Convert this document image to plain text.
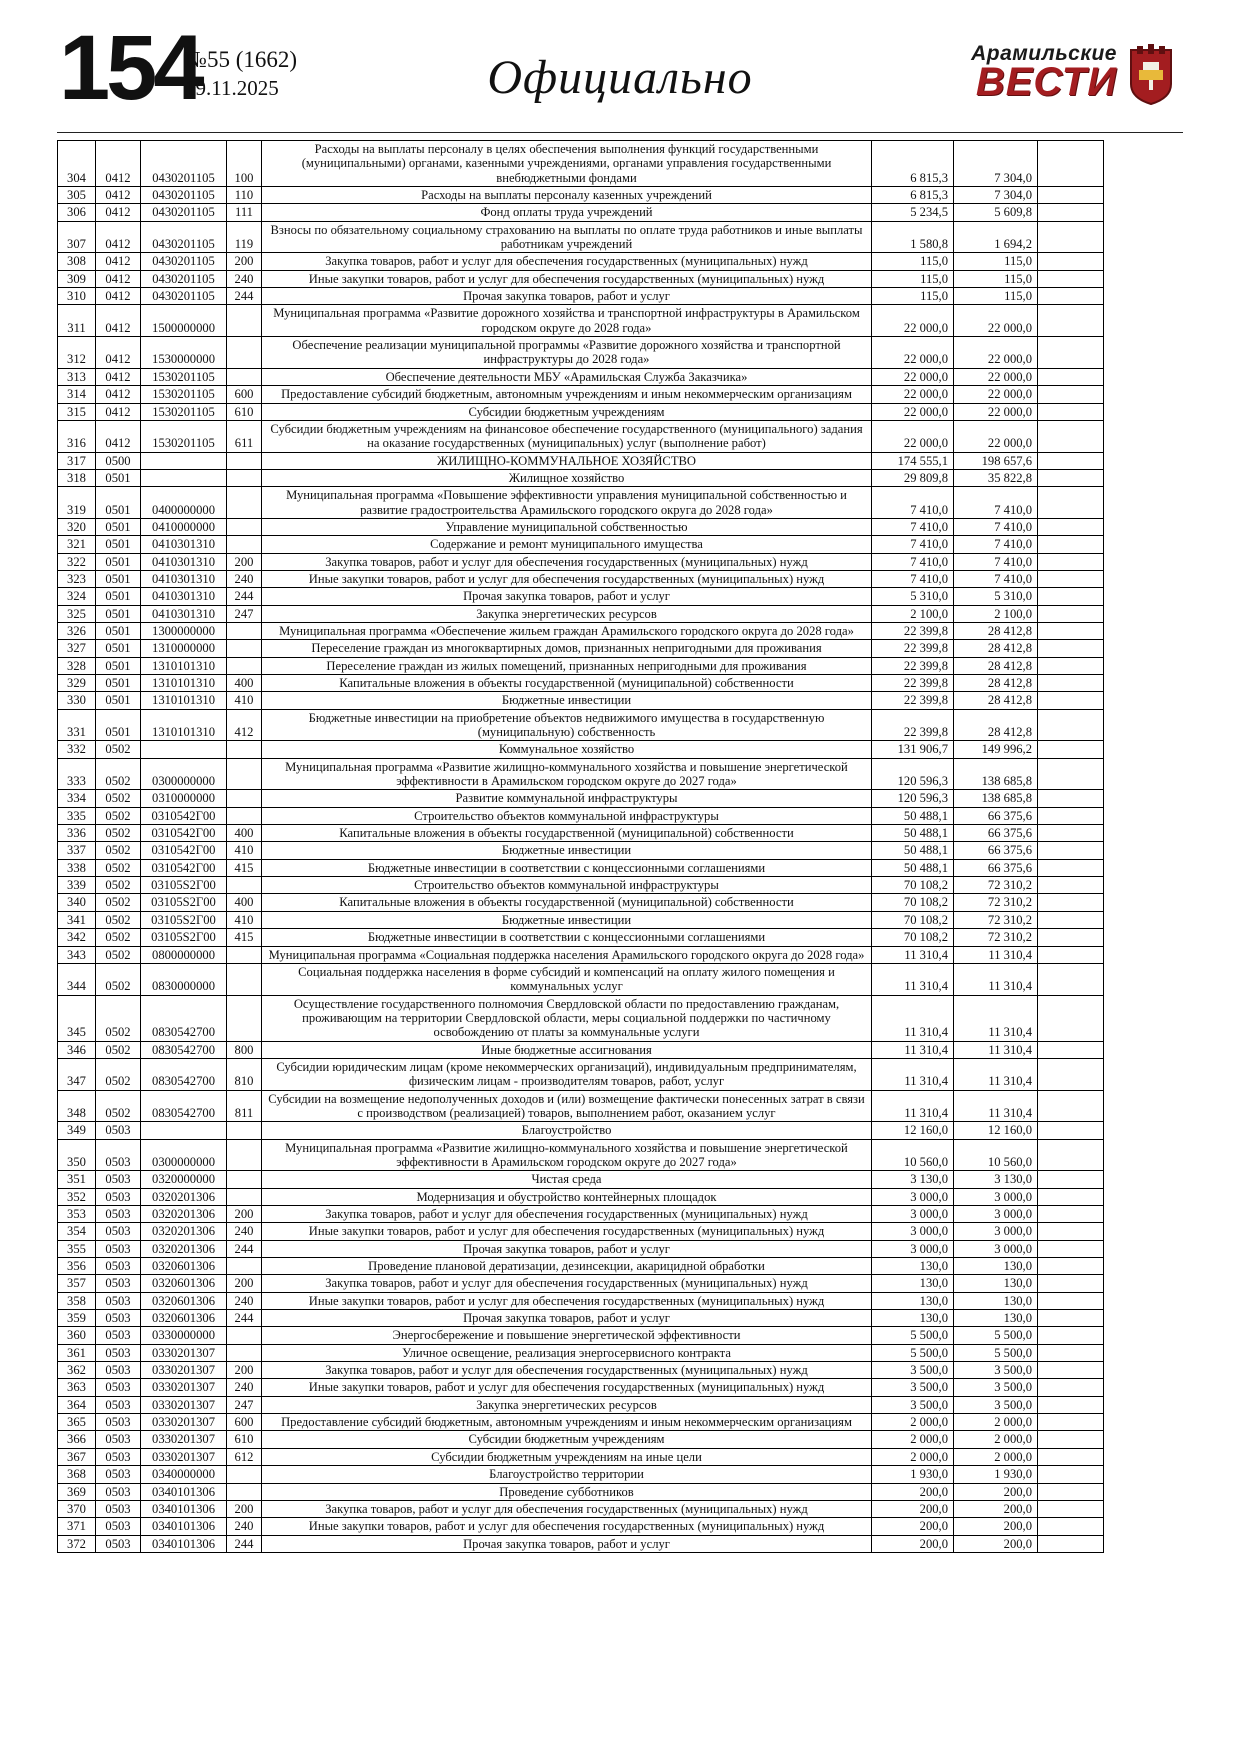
154
№55 (1662)
19.11.2025	Официально	Арамильские
ВЕСТИ
304	0412	0430201105	100	Расходы на выплаты персоналу в целях обеспечения выполнения функций государственными (муниципальными) органами, казенными учреждениями, органами управления государственными внебюджетными фондами	6 815,3	7 304,0	
305	0412	0430201105	110	Расходы на выплаты персоналу казенных учреждений	6 815,3	7 304,0	
306	0412	0430201105	111	Фонд оплаты труда учреждений	5 234,5	5 609,8	
307	0412	0430201105	119	Взносы по обязательному социальному страхованию на выплаты по оплате труда работников и иные выплаты работникам учреждений	1 580,8	1 694,2	
308	0412	0430201105	200	Закупка товаров, работ и услуг для обеспечения государственных (муниципальных) нужд	115,0	115,0	
309	0412	0430201105	240	Иные закупки товаров, работ и услуг для обеспечения государственных (муниципальных) нужд	115,0	115,0	
310	0412	0430201105	244	Прочая закупка товаров, работ и услуг	115,0	115,0	
311	0412	1500000000		Муниципальная программа «Развитие дорожного хозяйства и транспортной инфраструктуры в Арамильском городском округе до 2028 года»	22 000,0	22 000,0	
312	0412	1530000000		Обеспечение реализации муниципальной программы «Развитие дорожного хозяйства и транспортной инфраструктуры до 2028 года»	22 000,0	22 000,0	
313	0412	1530201105		Обеспечение деятельности МБУ «Арамильская Служба Заказчика»	22 000,0	22 000,0	
314	0412	1530201105	600	Предоставление субсидий бюджетным, автономным учреждениям и иным некоммерческим организациям	22 000,0	22 000,0	
315	0412	1530201105	610	Субсидии бюджетным учреждениям	22 000,0	22 000,0	
316	0412	1530201105	611	Субсидии бюджетным учреждениям на финансовое обеспечение государственного (муниципального) задания на оказание государственных (муниципальных) услуг (выполнение работ)	22 000,0	22 000,0	
317	0500			ЖИЛИЩНО-КОММУНАЛЬНОЕ ХОЗЯЙСТВО	174 555,1	198 657,6	
318	0501			Жилищное хозяйство	29 809,8	35 822,8	
319	0501	0400000000		Муниципальная программа «Повышение эффективности управления муниципальной собственностью и развитие градостроительства Арамильского городского округа до 2028 года»	7 410,0	7 410,0	
320	0501	0410000000		Управление муниципальной собственностью	7 410,0	7 410,0	
321	0501	0410301310		Содержание и ремонт муниципального имущества	7 410,0	7 410,0	
322	0501	0410301310	200	Закупка товаров, работ и услуг для обеспечения государственных (муниципальных) нужд	7 410,0	7 410,0	
323	0501	0410301310	240	Иные закупки товаров, работ и услуг для обеспечения государственных (муниципальных) нужд	7 410,0	7 410,0	
324	0501	0410301310	244	Прочая закупка товаров, работ и услуг	5 310,0	5 310,0	
325	0501	0410301310	247	Закупка энергетических ресурсов	2 100,0	2 100,0	
326	0501	1300000000		Муниципальная программа «Обеспечение жильем граждан Арамильского городского округа до 2028 года»	22 399,8	28 412,8	
327	0501	1310000000		Переселение граждан из многоквартирных домов, признанных непригодными для проживания	22 399,8	28 412,8	
328	0501	1310101310		Переселение граждан из жилых помещений, признанных непригодными для проживания	22 399,8	28 412,8	
329	0501	1310101310	400	Капитальные вложения в объекты государственной (муниципальной) собственности	22 399,8	28 412,8	
330	0501	1310101310	410	Бюджетные инвестиции	22 399,8	28 412,8	
331	0501	1310101310	412	Бюджетные инвестиции на приобретение объектов недвижимого имущества в государственную (муниципальную) собственность	22 399,8	28 412,8	
332	0502			Коммунальное хозяйство	131 906,7	149 996,2	
333	0502	0300000000		Муниципальная программа «Развитие жилищно-коммунального хозяйства и повышение энергетической эффективности в Арамильском городском округе до 2027 года»	120 596,3	138 685,8	
334	0502	0310000000		Развитие коммунальной инфраструктуры	120 596,3	138 685,8	
335	0502	0310542Г00		Строительство объектов коммунальной инфраструктуры	50 488,1	66 375,6	
336	0502	0310542Г00	400	Капитальные вложения в объекты государственной (муниципальной) собственности	50 488,1	66 375,6	
337	0502	0310542Г00	410	Бюджетные инвестиции	50 488,1	66 375,6	
338	0502	0310542Г00	415	Бюджетные инвестиции в соответствии с концессионными соглашениями	50 488,1	66 375,6	
339	0502	03105S2Г00		Строительство объектов коммунальной инфраструктуры	70 108,2	72 310,2	
340	0502	03105S2Г00	400	Капитальные вложения в объекты государственной (муниципальной) собственности	70 108,2	72 310,2	
341	0502	03105S2Г00	410	Бюджетные инвестиции	70 108,2	72 310,2	
342	0502	03105S2Г00	415	Бюджетные инвестиции в соответствии с концессионными соглашениями	70 108,2	72 310,2	
343	0502	0800000000		Муниципальная программа «Социальная поддержка населения Арамильского городского округа до 2028 года»	11 310,4	11 310,4	
344	0502	0830000000		Социальная поддержка населения в форме субсидий и компенсаций на оплату жилого помещения и коммунальных услуг	11 310,4	11 310,4	
345	0502	0830542700		Осуществление государственного полномочия Свердловской области по предоставлению гражданам, проживающим на территории Свердловской области, меры социальной поддержки по частичному освобождению от платы за коммунальные услуги	11 310,4	11 310,4	
346	0502	0830542700	800	Иные бюджетные ассигнования	11 310,4	11 310,4	
347	0502	0830542700	810	Субсидии юридическим лицам (кроме некоммерческих организаций), индивидуальным предпринимателям, физическим лицам - производителям товаров, работ, услуг	11 310,4	11 310,4	
348	0502	0830542700	811	Субсидии на возмещение недополученных доходов и (или) возмещение фактически понесенных затрат в связи с производством (реализацией) товаров, выполнением работ, оказанием услуг	11 310,4	11 310,4	
349	0503			Благоустройство	12 160,0	12 160,0	
350	0503	0300000000		Муниципальная программа «Развитие жилищно-коммунального хозяйства и повышение энергетической эффективности в Арамильском городском округе до 2027 года»	10 560,0	10 560,0	
351	0503	0320000000		Чистая среда	3 130,0	3 130,0	
352	0503	0320201306		Модернизация и обустройство контейнерных площадок	3 000,0	3 000,0	
353	0503	0320201306	200	Закупка товаров, работ и услуг для обеспечения государственных (муниципальных) нужд	3 000,0	3 000,0	
354	0503	0320201306	240	Иные закупки товаров, работ и услуг для обеспечения государственных (муниципальных) нужд	3 000,0	3 000,0	
355	0503	0320201306	244	Прочая закупка товаров, работ и услуг	3 000,0	3 000,0	
356	0503	0320601306		Проведение плановой дератизации, дезинсекции, акарицидной обработки	130,0	130,0	
357	0503	0320601306	200	Закупка товаров, работ и услуг для обеспечения государственных (муниципальных) нужд	130,0	130,0	
358	0503	0320601306	240	Иные закупки товаров, работ и услуг для обеспечения государственных (муниципальных) нужд	130,0	130,0	
359	0503	0320601306	244	Прочая закупка товаров, работ и услуг	130,0	130,0	
360	0503	0330000000		Энергосбережение и повышение энергетической эффективности	5 500,0	5 500,0	
361	0503	0330201307		Уличное освещение, реализация энергосервисного контракта	5 500,0	5 500,0	
362	0503	0330201307	200	Закупка товаров, работ и услуг для обеспечения государственных (муниципальных) нужд	3 500,0	3 500,0	
363	0503	0330201307	240	Иные закупки товаров, работ и услуг для обеспечения государственных (муниципальных) нужд	3 500,0	3 500,0	
364	0503	0330201307	247	Закупка энергетических ресурсов	3 500,0	3 500,0	
365	0503	0330201307	600	Предоставление субсидий бюджетным, автономным учреждениям и иным некоммерческим организациям	2 000,0	2 000,0	
366	0503	0330201307	610	Субсидии бюджетным учреждениям	2 000,0	2 000,0	
367	0503	0330201307	612	Субсидии бюджетным учреждениям на иные цели	2 000,0	2 000,0	
368	0503	0340000000		Благоустройство территории	1 930,0	1 930,0	
369	0503	0340101306		Проведение субботников	200,0	200,0	
370	0503	0340101306	200	Закупка товаров, работ и услуг для обеспечения государственных (муниципальных) нужд	200,0	200,0	
371	0503	0340101306	240	Иные закупки товаров, работ и услуг для обеспечения государственных (муниципальных) нужд	200,0	200,0	
372	0503	0340101306	244	Прочая закупка товаров, работ и услуг	200,0	200,0	
